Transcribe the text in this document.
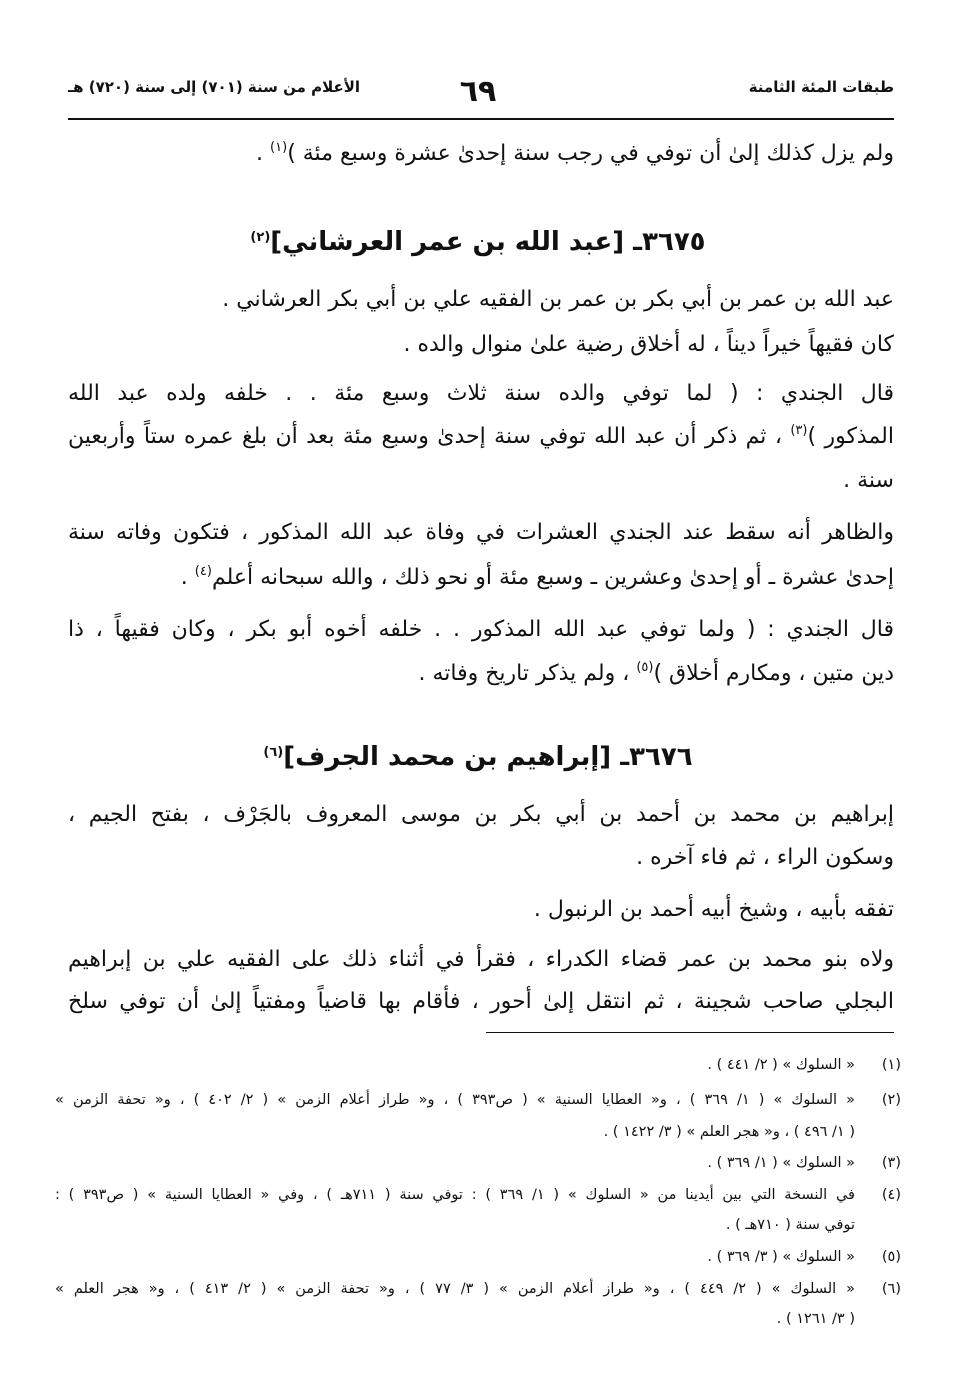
طبقات المئة الثامنة
٦٩
الأعلام من سنة (٧٠١) إلى سنة (٧٢٠) هـ
ولم يزل كذلك إلىٰ أن توفي في رجب سنة إحدىٰ عشرة وسبع مئة )$^{(١)}$ .
٣٦٧٥ـ [عبد الله بن عمر العرشاني]$^{(٢)}$
عبد الله بن عمر بن أبي بكر بن عمر بن الفقيه علي بن أبي بكر العرشاني .
كان فقيهاً خيراً ديناً ، له أخلاق رضية علىٰ منوال والده .
قال الجندي : ( لما توفي والده سنة ثلاث وسبع مئة . . خلفه ولده عبد الله
المذكور )$^{(٣)}$ ، ثم ذكر أن عبد الله توفي سنة إحدىٰ وسبع مئة بعد أن بلغ عمره ستاً وأربعين
سنة .
والظاهر أنه سقط عند الجندي العشرات في وفاة عبد الله المذكور ، فتكون وفاته سنة
إحدىٰ عشرة ـ أو إحدىٰ وعشرين ـ وسبع مئة أو نحو ذلك ، والله سبحانه أعلم$^{(٤)}$ .
قال الجندي : ( ولما توفي عبد الله المذكور . . خلفه أخوه أبو بكر ، وكان فقيهاً ، ذا
دين متين ، ومكارم أخلاق )$^{(٥)}$ ، ولم يذكر تاريخ وفاته .
٣٦٧٦ـ [إبراهيم بن محمد الجرف]$^{(٦)}$
إبراهيم بن محمد بن أحمد بن أبي بكر بن موسى المعروف بالجَرْف ، بفتح الجيم ،
وسكون الراء ، ثم فاء آخره .
تفقه بأبيه ، وشيخ أبيه أحمد بن الرنبول .
ولاه بنو محمد بن عمر قضاء الكدراء ، فقرأ في أثناء ذلك على الفقيه علي بن إبراهيم
البجلي صاحب شجينة ، ثم انتقل إلىٰ أحور ، فأقام بها قاضياً ومفتياً إلىٰ أن توفي سلخ
(١)
« السلوك » ( ٢/ ٤٤١ ) .
(٢)
« السلوك » ( ١/ ٣٦٩ ) ، و« العطايا السنية » ( ص٣٩٣ ) ، و« طراز أعلام الزمن » ( ٢/ ٤٠٢ ) ، و« تحفة الزمن »
( ١/ ٤٩٦ ) ، و« هجر العلم » ( ٣/ ١٤٢٢ ) .
(٣)
« السلوك » ( ١/ ٣٦٩ ) .
(٤)
في النسخة التي بين أيدينا من « السلوك » ( ١/ ٣٦٩ ) : توفي سنة ( ٧١١هـ ) ، وفي « العطايا السنية » ( ص٣٩٣ ) :
توفي سنة ( ٧١٠هـ ) .
(٥)
« السلوك » ( ٣/ ٣٦٩ ) .
(٦)
« السلوك » ( ٢/ ٤٤٩ ) ، و« طراز أعلام الزمن » ( ٣/ ٧٧ ) ، و« تحفة الزمن » ( ٢/ ٤١٣ ) ، و« هجر العلم »
( ٣/ ١٢٦١ ) .
